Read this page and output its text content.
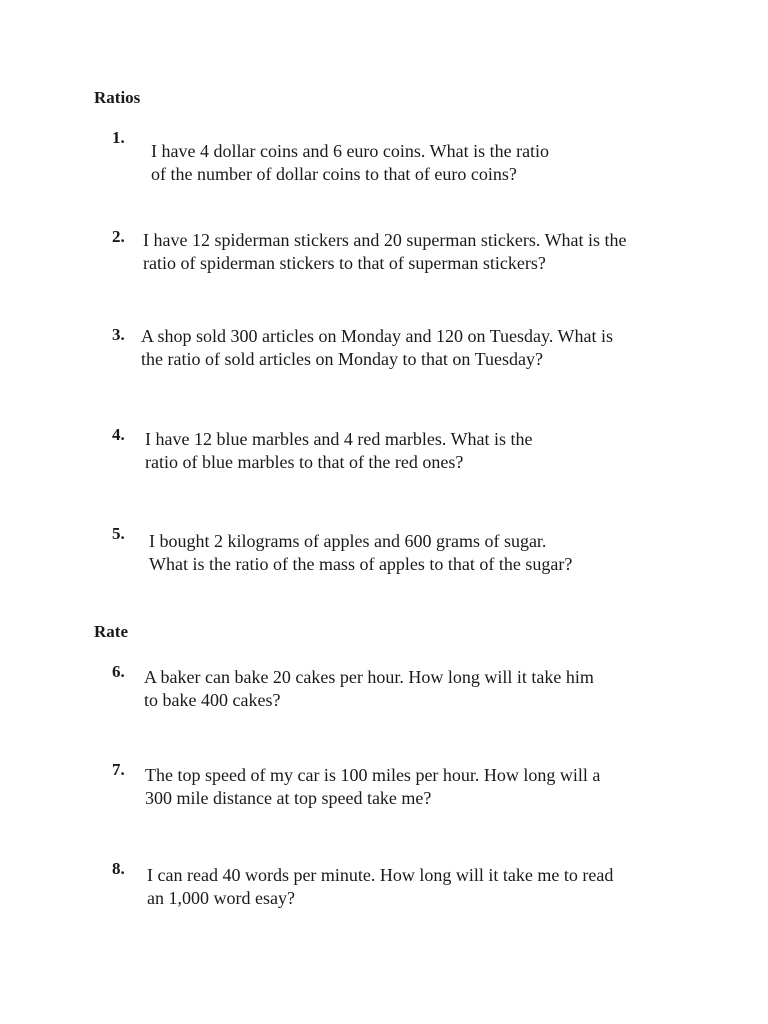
Ratios
1.
I have 4 dollar coins and 6 euro coins. What is the ratio
of the number of dollar coins to that of euro coins?
2. I have 12 spiderman stickers and 20 superman stickers. What is the
ratio of spiderman stickers to that of superman stickers?
3. A shop sold 300 articles on Monday and 120 on Tuesday. What is
the ratio of sold articles on Monday to that on Tuesday?
4. I have 12 blue marbles and 4 red marbles. What is the
ratio of blue marbles to that of the red ones?
5. I bought 2 kilograms of apples and 600 grams of sugar.
What is the ratio of the mass of apples to that of the sugar?
Rate
6. A baker can bake 20 cakes per hour. How long will it take him
to bake 400 cakes?
7. The top speed of my car is 100 miles per hour. How long will a
300 mile distance at top speed take me?
8. I can read 40 words per minute. How long will it take me to read
an 1,000 word esay?
